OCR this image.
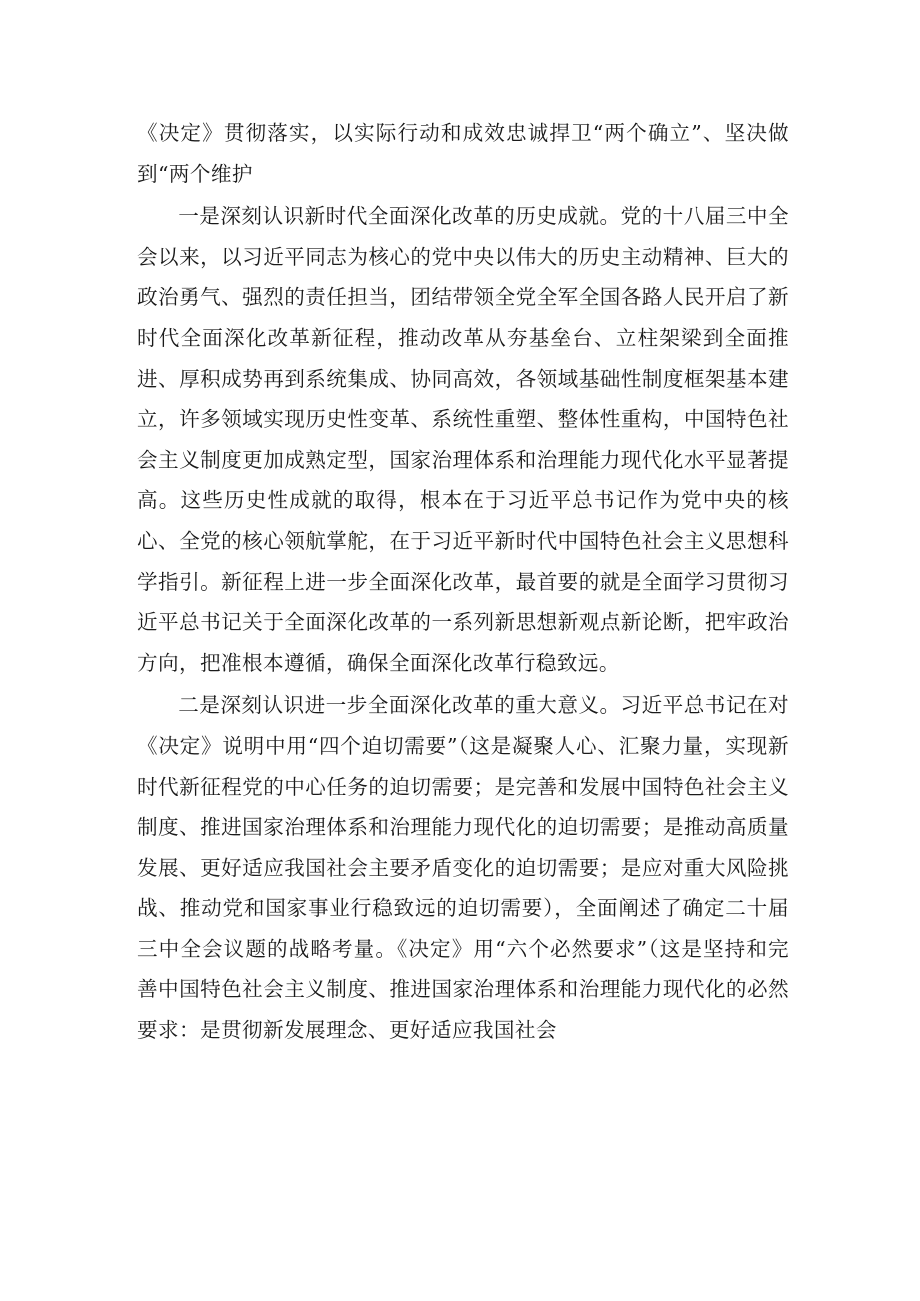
《决定》贯彻落实，以实际行动和成效忠诚捍卫“两个确立”、坚决做到“两个维护

一是深刻认识新时代全面深化改革的历史成就。党的十八届三中全会以来，以习近平同志为核心的党中央以伟大的历史主动精神、巨大的政治勇气、强烈的责任担当，团结带领全党全军全国各路人民开启了新时代全面深化改革新征程，推动改革从夯基垒台、立柱架梁到全面推进、厚积成势再到系统集成、协同高效，各领域基础性制度框架基本建立，许多领域实现历史性变革、系统性重塑、整体性重构，中国特色社会主义制度更加成熟定型，国家治理体系和治理能力现代化水平显著提高。这些历史性成就的取得，根本在于习近平总书记作为党中央的核心、全党的核心领航掌舵，在于习近平新时代中国特色社会主义思想科学指引。新征程上进一步全面深化改革，最首要的就是全面学习贯彻习近平总书记关于全面深化改革的一系列新思想新观点新论断，把牢政治方向，把准根本遵循，确保全面深化改革行稳致远。

二是深刻认识进一步全面深化改革的重大意义。习近平总书记在对《决定》说明中用“四个迫切需要”（这是凝聚人心、汇聚力量，实现新时代新征程党的中心任务的迫切需要；是完善和发展中国特色社会主义制度、推进国家治理体系和治理能力现代化的迫切需要；是推动高质量发展、更好适应我国社会主要矛盾变化的迫切需要；是应对重大风险挑战、推动党和国家事业行稳致远的迫切需要），全面阐述了确定二十届三中全会议题的战略考量。《决定》用“六个必然要求”（这是坚持和完善中国特色社会主义制度、推进国家治理体系和治理能力现代化的必然要求：是贯彻新发展理念、更好适应我国社会
